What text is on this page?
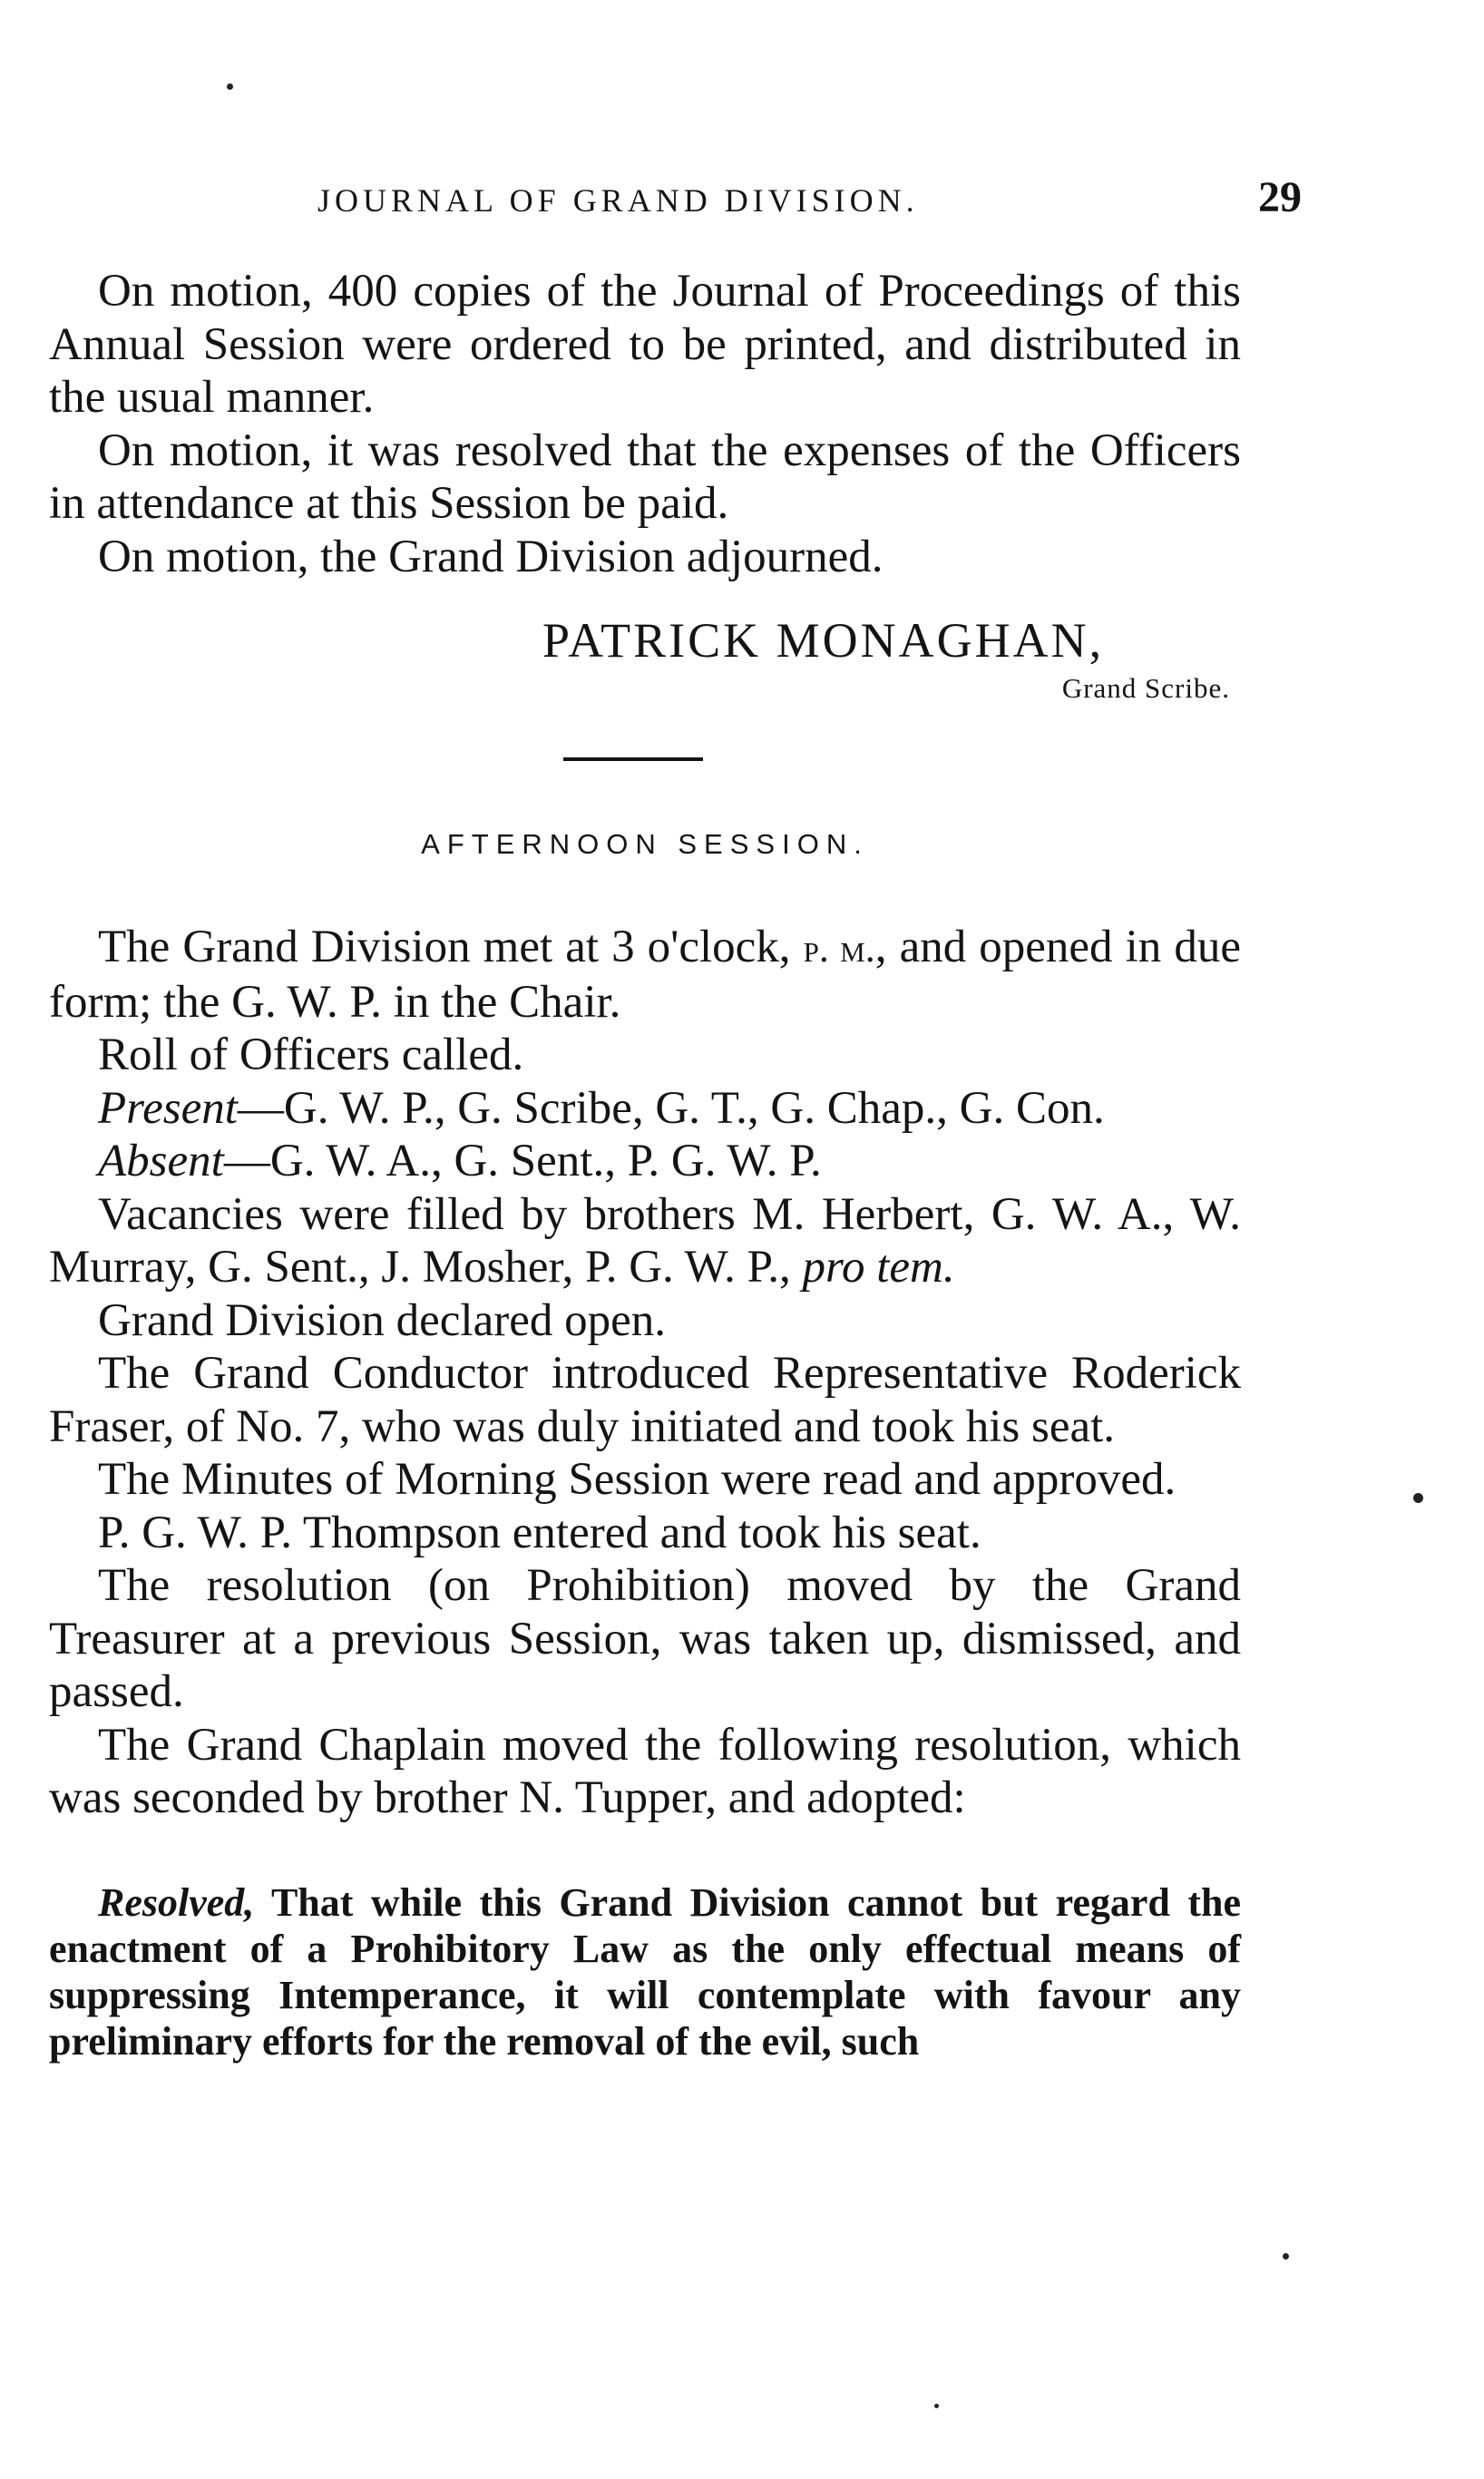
JOURNAL OF GRAND DIVISION.	29

On motion, 400 copies of the Journal of Proceedings of this Annual Session were ordered to be printed, and distributed in the usual manner.

On motion, it was resolved that the expenses of the Officers in attendance at this Session be paid.

On motion, the Grand Division adjourned.

PATRICK MONAGHAN,

Grand Scribe.

AFTERNOON SESSION.

The Grand Division met at 3 o'clock, p. m., and opened in due form; the G. W. P. in the Chair.

Roll of Officers called.

Present—G. W. P., G. Scribe, G. T., G. Chap., G. Con.

Absent—G. W. A., G. Sent., P. G. W. P.

Vacancies were filled by brothers M. Herbert, G. W. A., W. Murray, G. Sent., J. Mosher, P. G. W. P., pro tem.

Grand Division declared open.

The Grand Conductor introduced Representative Roderick Fraser, of No. 7, who was duly initiated and took his seat.

The Minutes of Morning Session were read and approved.

P. G. W. P. Thompson entered and took his seat.

The resolution (on Prohibition) moved by the Grand Treasurer at a previous Session, was taken up, dismissed, and passed.

The Grand Chaplain moved the following resolution, which was seconded by brother N. Tupper, and adopted:

Resolved, That while this Grand Division cannot but regard the enactment of a Prohibitory Law as the only effectual means of suppressing Intemperance, it will contemplate with favour any preliminary efforts for the removal of the evil, such
